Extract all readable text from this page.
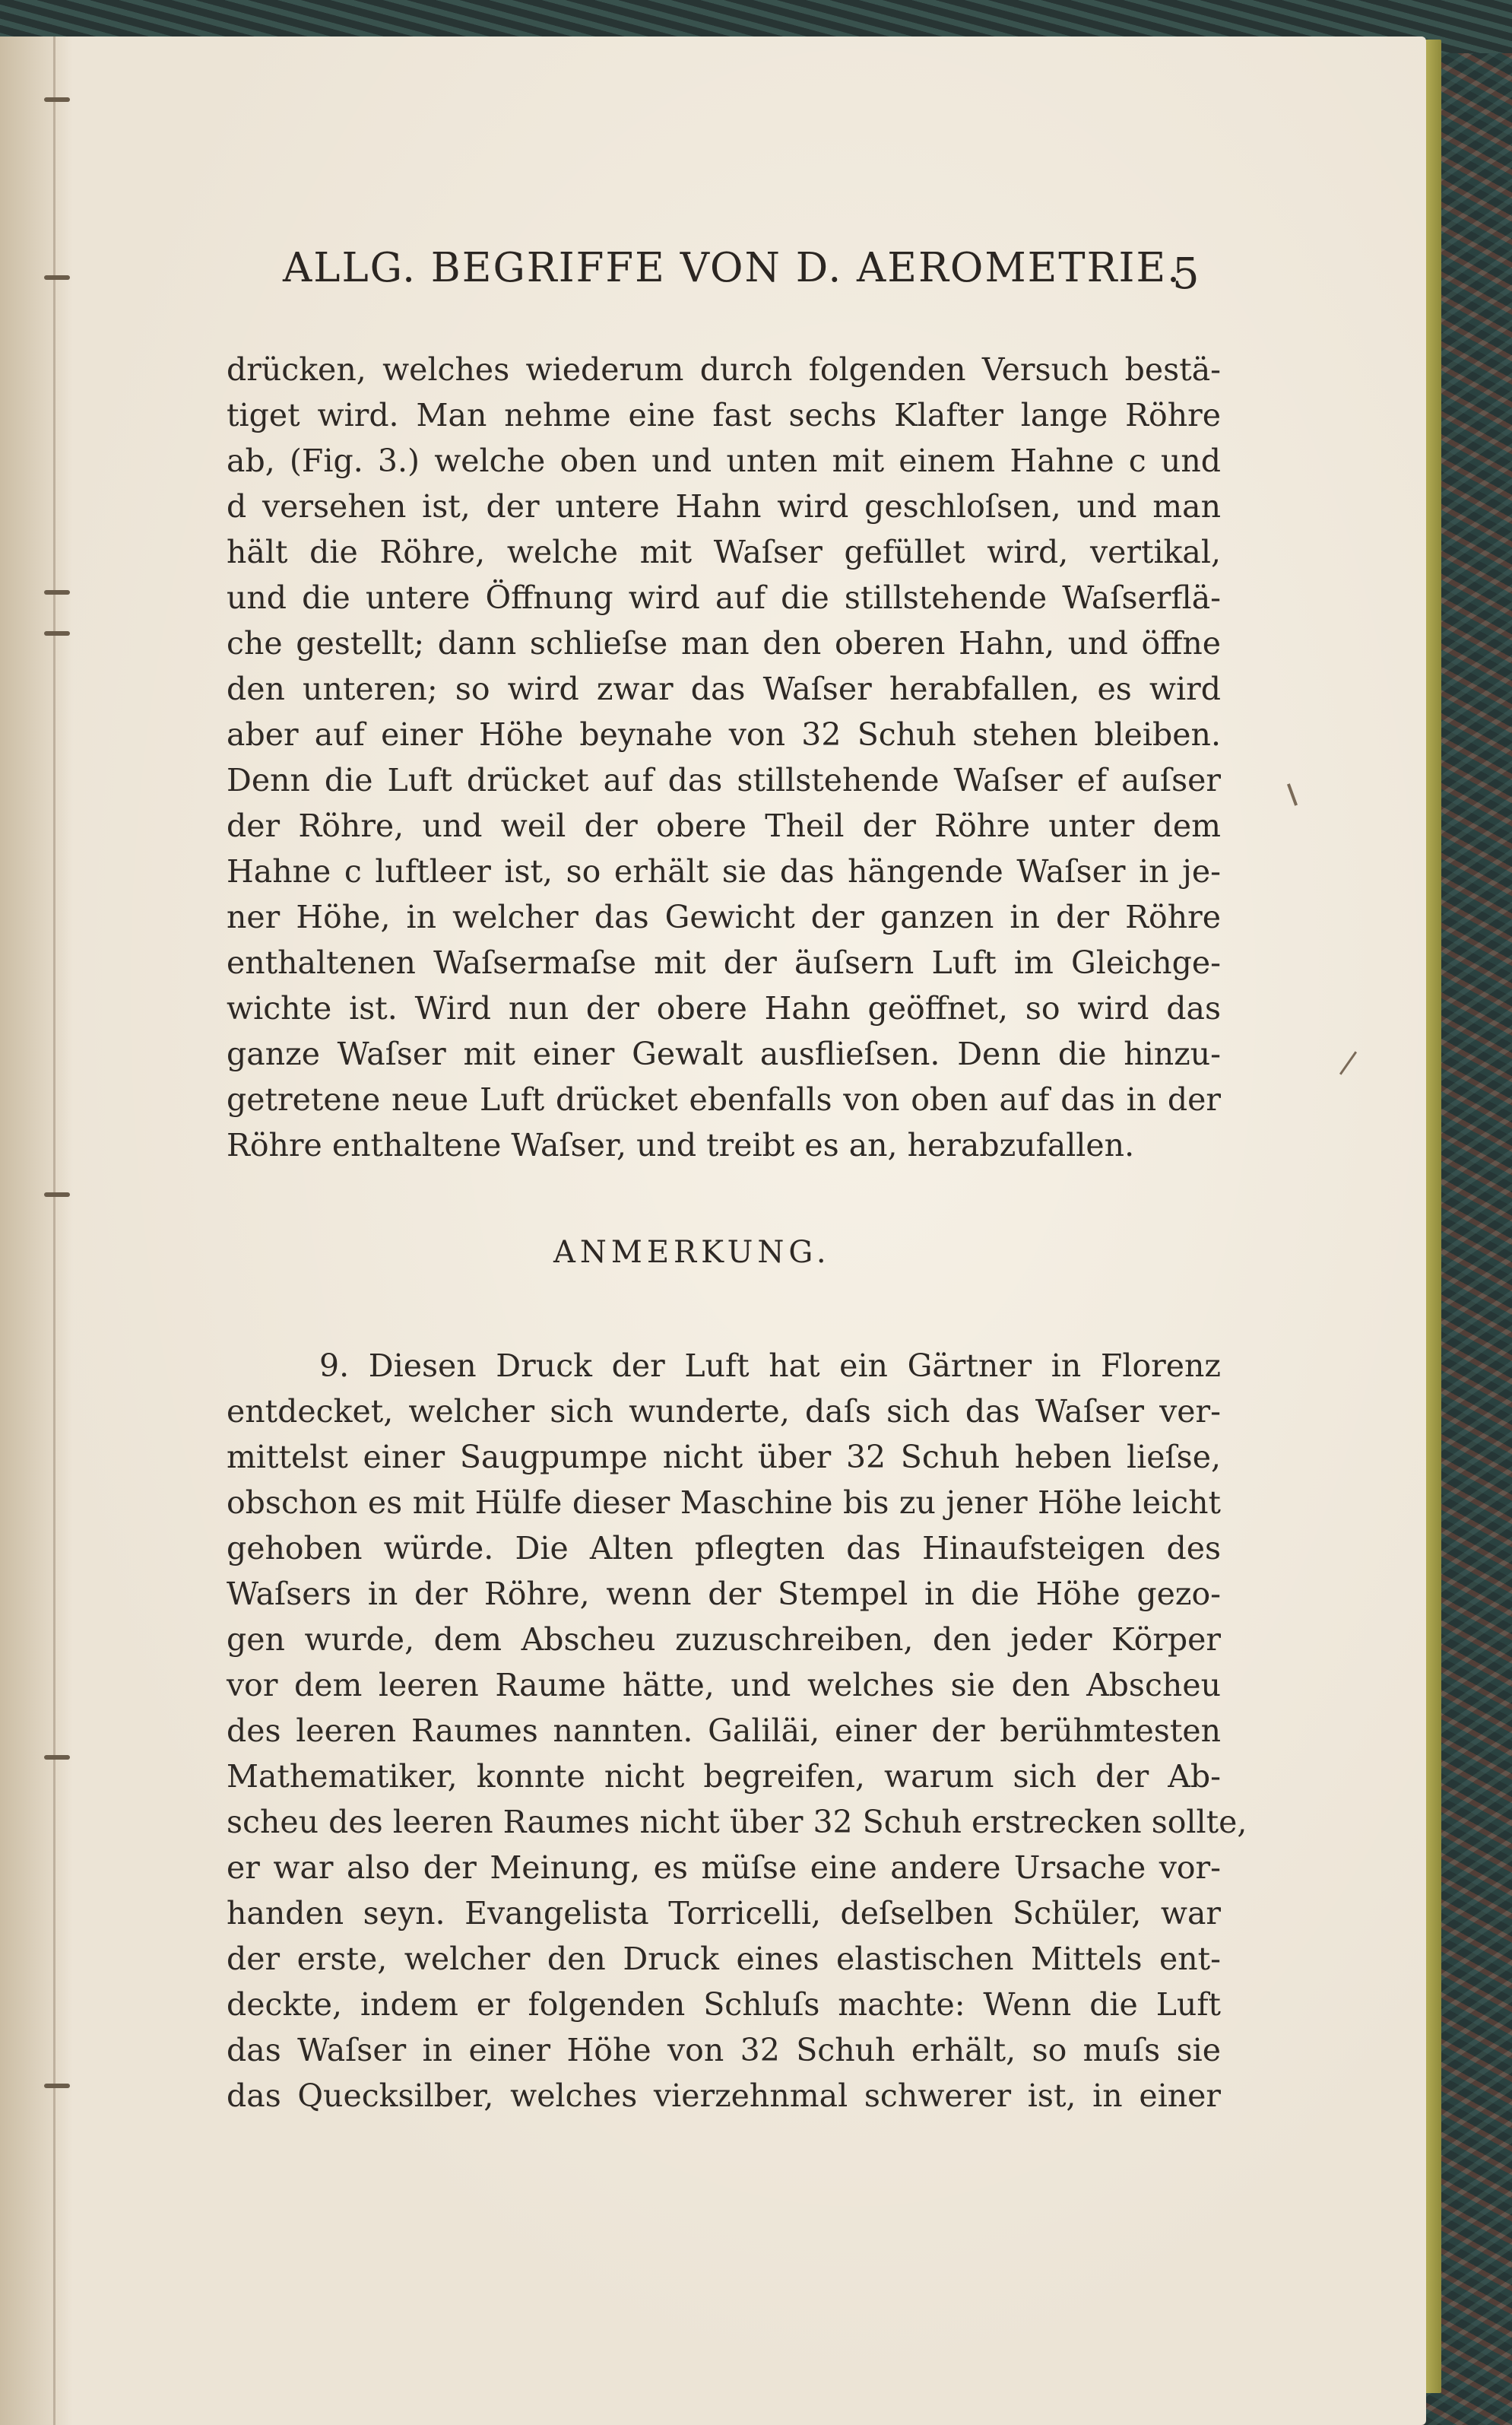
ALLG. BEGRIFFE VON D. AEROMETRIE.
5
drücken, welches wiederum durch folgenden Versuch bestä-
tiget wird. Man nehme eine fast sechs Klafter lange Röhre
ab, (Fig. 3.) welche oben und unten mit einem Hahne c und
d versehen ist, der untere Hahn wird geschloſsen, und man
hält die Röhre, welche mit Waſser gefüllet wird, vertikal,
und die untere Öffnung wird auf die stillstehende Waſserflä-
che gestellt; dann schlieſse man den oberen Hahn, und öffne
den unteren; so wird zwar das Waſser herabfallen, es wird
aber auf einer Höhe beynahe von 32 Schuh stehen bleiben.
Denn die Luft drücket auf das stillstehende Waſser ef auſser
der Röhre, und weil der obere Theil der Röhre unter dem
Hahne c luftleer ist, so erhält sie das hängende Waſser in je-
ner Höhe, in welcher das Gewicht der ganzen in der Röhre
enthaltenen Waſsermaſse mit der äuſsern Luft im Gleichge-
wichte ist. Wird nun der obere Hahn geöffnet, so wird das
ganze Waſser mit einer Gewalt ausflieſsen. Denn die hinzu-
getretene neue Luft drücket ebenfalls von oben auf das in der
Röhre enthaltene Waſser, und treibt es an, herabzufallen.
ANMERKUNG.
9. Diesen Druck der Luft hat ein Gärtner in Florenz
entdecket, welcher sich wunderte, daſs sich das Waſser ver-
mittelst einer Saugpumpe nicht über 32 Schuh heben lieſse,
obschon es mit Hülfe dieser Maschine bis zu jener Höhe leicht
gehoben würde. Die Alten pflegten das Hinaufsteigen des
Waſsers in der Röhre, wenn der Stempel in die Höhe gezo-
gen wurde, dem Abscheu zuzuschreiben, den jeder Körper
vor dem leeren Raume hätte, und welches sie den Abscheu
des leeren Raumes nannten. Galiläi, einer der berühmtesten
Mathematiker, konnte nicht begreifen, warum sich der Ab-
scheu des leeren Raumes nicht über 32 Schuh erstrecken sollte,
er war also der Meinung, es müſse eine andere Ursache vor-
handen seyn. Evangelista Torricelli, deſselben Schüler, war
der erste, welcher den Druck eines elastischen Mittels ent-
deckte, indem er folgenden Schluſs machte: Wenn die Luft
das Waſser in einer Höhe von 32 Schuh erhält, so muſs sie
das Quecksilber, welches vierzehnmal schwerer ist, in einer
